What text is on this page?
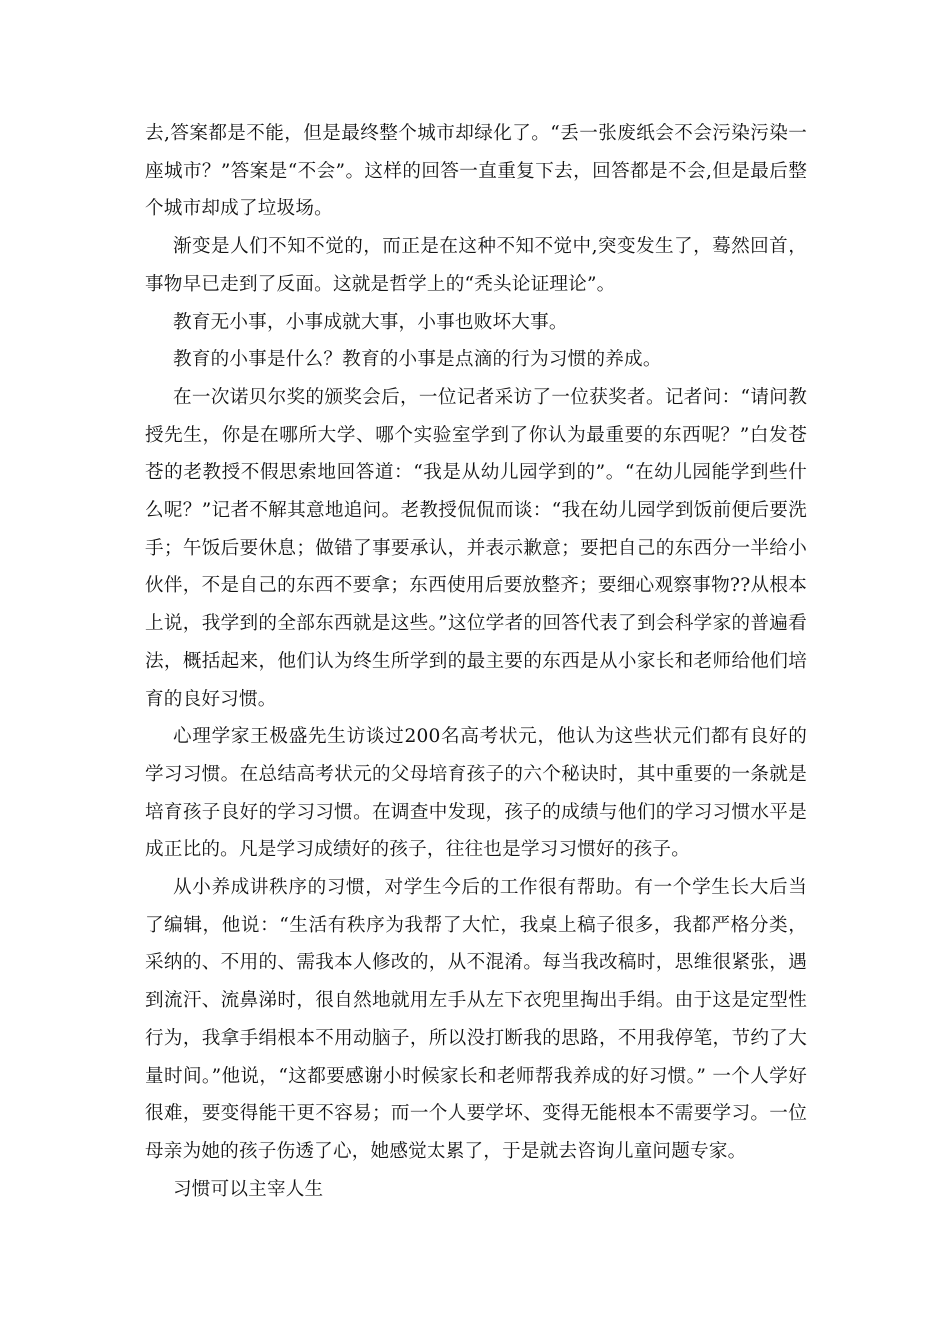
去,答案都是不能，但是最终整个城市却绿化了。“丢一张废纸会不会污染污染一座城市？”答案是“不会”。这样的回答一直重复下去，回答都是不会,但是最后整个城市却成了垃圾场。

渐变是人们不知不觉的，而正是在这种不知不觉中,突变发生了，蓦然回首，事物早已走到了反面。这就是哲学上的“秃头论证理论”。

教育无小事，小事成就大事，小事也败坏大事。

教育的小事是什么？教育的小事是点滴的行为习惯的养成。

在一次诺贝尔奖的颁奖会后，一位记者采访了一位获奖者。记者问：“请问教授先生，你是在哪所大学、哪个实验室学到了你认为最重要的东西呢？”白发苍苍的老教授不假思索地回答道：“我是从幼儿园学到的”。“在幼儿园能学到些什么呢？”记者不解其意地追问。老教授侃侃而谈：“我在幼儿园学到饭前便后要洗手；午饭后要休息；做错了事要承认，并表示歉意；要把自己的东西分一半给小伙伴，不是自己的东西不要拿；东西使用后要放整齐；要细心观察事物??从根本上说，我学到的全部东西就是这些。”这位学者的回答代表了到会科学家的普遍看法，概括起来，他们认为终生所学到的最主要的东西是从小家长和老师给他们培育的良好习惯。

心理学家王极盛先生访谈过200名高考状元，他认为这些状元们都有良好的学习习惯。在总结高考状元的父母培育孩子的六个秘诀时，其中重要的一条就是培育孩子良好的学习习惯。在调查中发现，孩子的成绩与他们的学习习惯水平是成正比的。凡是学习成绩好的孩子，往往也是学习习惯好的孩子。

从小养成讲秩序的习惯，对学生今后的工作很有帮助。有一个学生长大后当了编辑，他说：“生活有秩序为我帮了大忙，我桌上稿子很多，我都严格分类，采纳的、不用的、需我本人修改的，从不混淆。每当我改稿时，思维很紧张，遇到流汗、流鼻涕时，很自然地就用左手从左下衣兜里掏出手绢。由于这是定型性行为，我拿手绢根本不用动脑子，所以没打断我的思路，不用我停笔，节约了大量时间。”他说，“这都要感谢小时候家长和老师帮我养成的好习惯。” 一个人学好很难，要变得能干更不容易；而一个人要学坏、变得无能根本不需要学习。一位母亲为她的孩子伤透了心，她感觉太累了，于是就去咨询儿童问题专家。

习惯可以主宰人生
